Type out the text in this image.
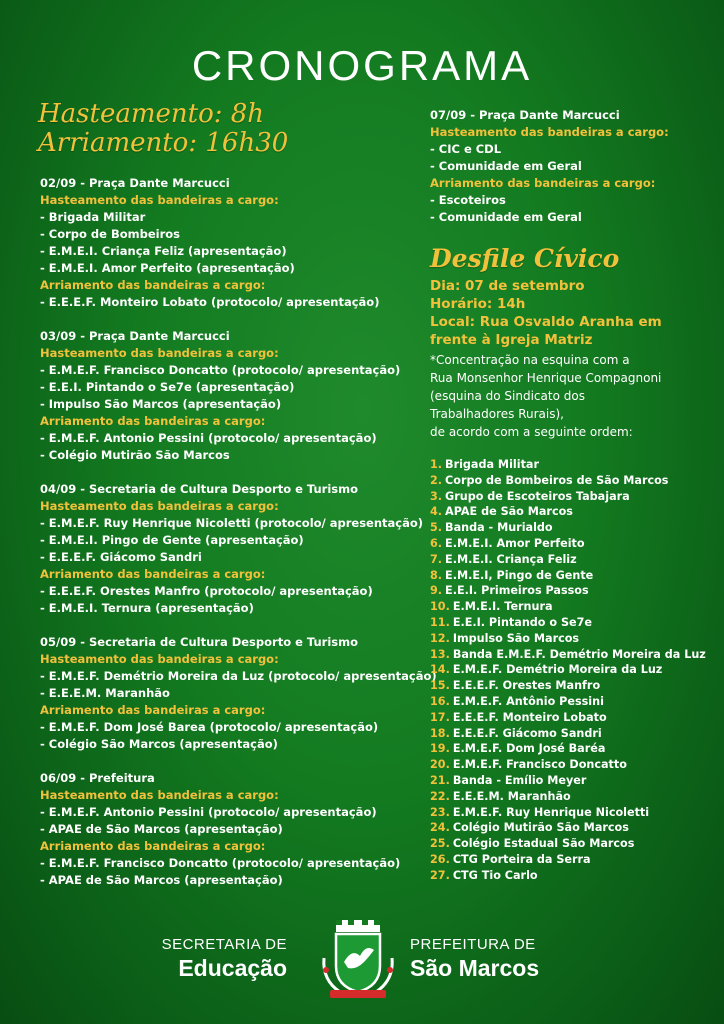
CRONOGRAMA
Hasteamento: 8h
Arriamento: 16h30
02/09 - Praça Dante Marcucci
Hasteamento das bandeiras a cargo:
- Brigada Militar
- Corpo de Bombeiros
- E.M.E.I. Criança Feliz (apresentação)
- E.M.E.I. Amor Perfeito (apresentação)
Arriamento das bandeiras a cargo:
- E.E.E.F. Monteiro Lobato (protocolo/ apresentação)
03/09 - Praça Dante Marcucci
Hasteamento das bandeiras a cargo:
- E.M.E.F. Francisco Doncatto (protocolo/ apresentação)
- E.E.I. Pintando o Se7e (apresentação)
- Impulso São Marcos (apresentação)
Arriamento das bandeiras a cargo:
- E.M.E.F. Antonio Pessini (protocolo/ apresentação)
- Colégio Mutirão São Marcos
04/09 - Secretaria de Cultura Desporto e Turismo
Hasteamento das bandeiras a cargo:
- E.M.E.F. Ruy Henrique Nicoletti (protocolo/ apresentação)
- E.M.E.I. Pingo de Gente (apresentação)
- E.E.E.F. Giácomo Sandri
Arriamento das bandeiras a cargo:
- E.E.E.F. Orestes Manfro (protocolo/ apresentação)
- E.M.E.I. Ternura (apresentação)
05/09 - Secretaria de Cultura Desporto e Turismo
Hasteamento das bandeiras a cargo:
- E.M.E.F. Demétrio Moreira da Luz (protocolo/ apresentação)
- E.E.E.M. Maranhão
Arriamento das bandeiras a cargo:
- E.M.E.F. Dom José Barea (protocolo/ apresentação)
- Colégio São Marcos (apresentação)
06/09 - Prefeitura
Hasteamento das bandeiras a cargo:
- E.M.E.F. Antonio Pessini (protocolo/ apresentação)
- APAE de São Marcos (apresentação)
Arriamento das bandeiras a cargo:
- E.M.E.F. Francisco Doncatto (protocolo/ apresentação)
- APAE de São Marcos (apresentação)
07/09 - Praça Dante Marcucci
Hasteamento das bandeiras a cargo:
- CIC e CDL
- Comunidade em Geral
Arriamento das bandeiras a cargo:
- Escoteiros
- Comunidade em Geral
Desfile Cívico
Dia: 07 de setembro
Horário: 14h
Local: Rua Osvaldo Aranha em frente à Igreja Matriz
*Concentração na esquina com a
Rua Monsenhor Henrique Compagnoni
(esquina do Sindicato dos
Trabalhadores Rurais),
de acordo com a seguinte ordem:
1. Brigada Militar
2. Corpo de Bombeiros de São Marcos
3. Grupo de Escoteiros Tabajara
4. APAE de São Marcos
5. Banda - Murialdo
6. E.M.E.I. Amor Perfeito
7. E.M.E.I. Criança Feliz
8. E.M.E.I, Pingo de Gente
9. E.E.I. Primeiros Passos
10. E.M.E.I. Ternura
11. E.E.I. Pintando o Se7e
12. Impulso São Marcos
13. Banda E.M.E.F. Demétrio Moreira da Luz
14. E.M.E.F. Demétrio Moreira da Luz
15. E.E.E.F. Orestes Manfro
16. E.M.E.F. Antônio Pessini
17. E.E.E.F. Monteiro Lobato
18. E.E.E.F. Giácomo Sandri
19. E.M.E.F. Dom José Baréa
20. E.M.E.F. Francisco Doncatto
21. Banda - Emílio Meyer
22. E.E.E.M. Maranhão
23. E.M.E.F. Ruy Henrique Nicoletti
24. Colégio Mutirão São Marcos
25. Colégio Estadual São Marcos
26. CTG Porteira da Serra
27. CTG Tio Carlo
SECRETARIA DE
Educação
PREFEITURA DE
São Marcos
